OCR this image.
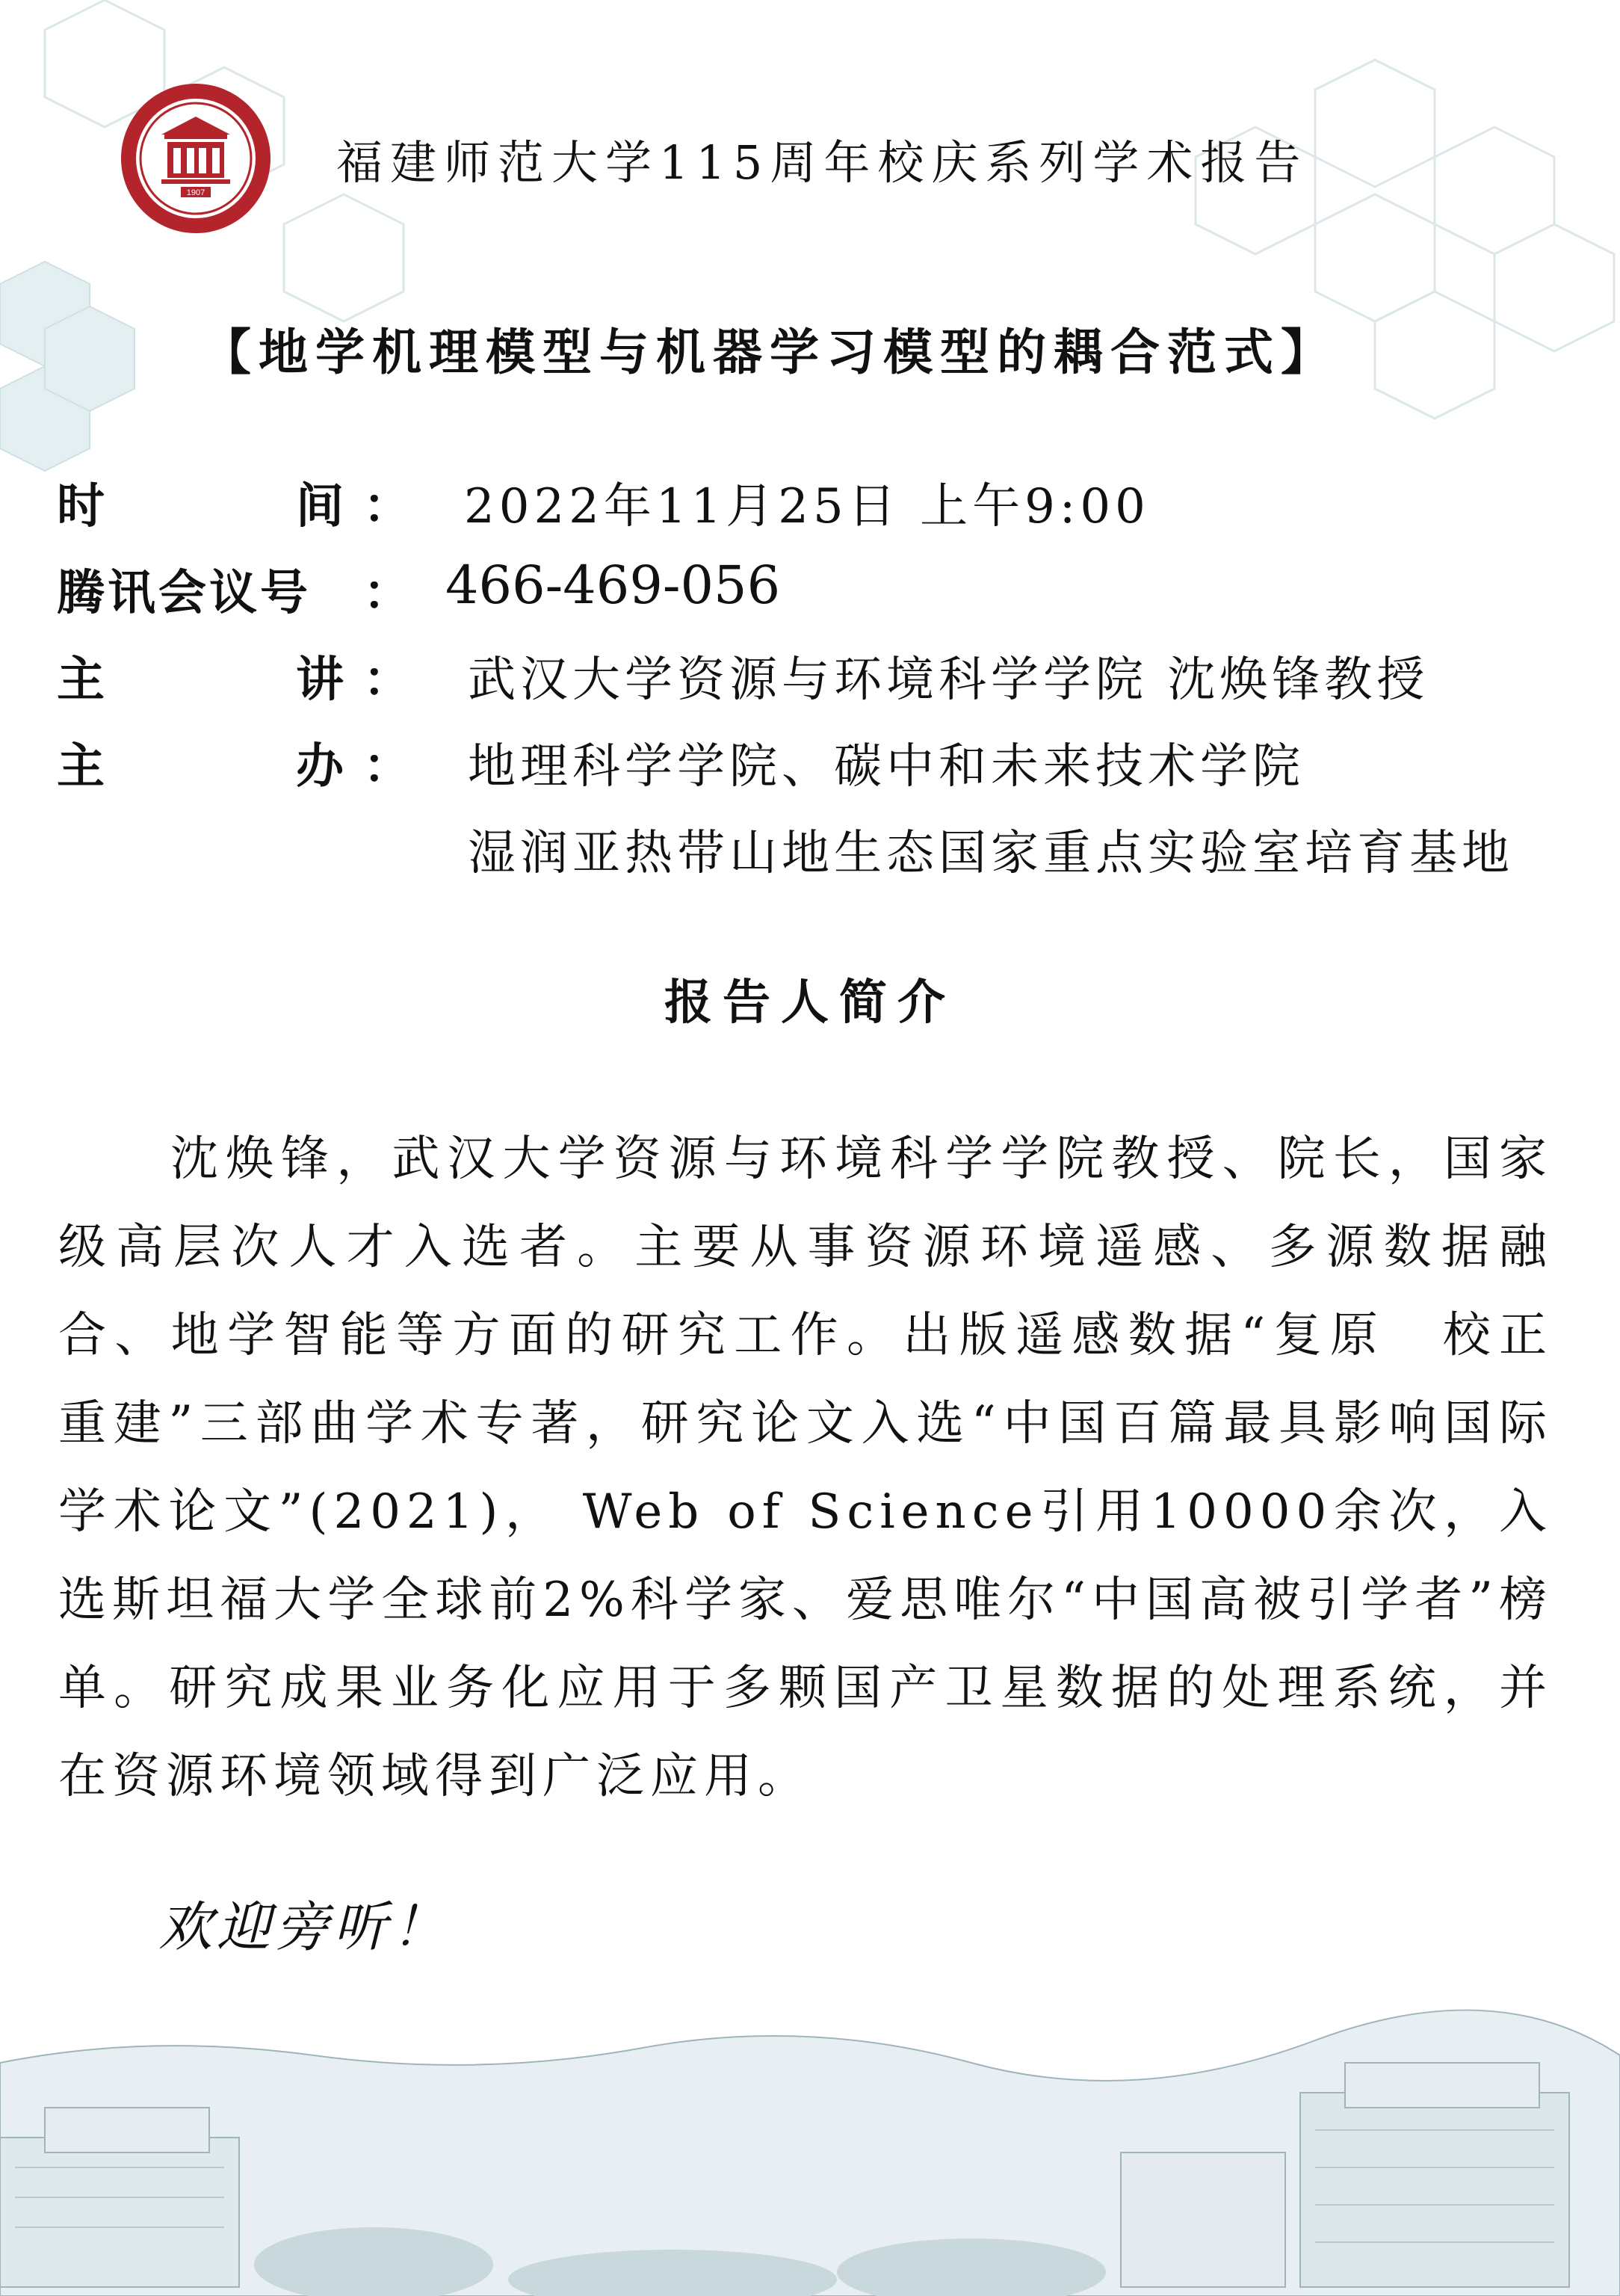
1907
福建师范大学115周年校庆系列学术报告
【地学机理模型与机器学习模型的耦合范式】
时	间 ： 2022年11月25日 上午9:00
腾讯会议号 ： 466-469-056
主	讲 ： 武汉大学资源与环境科学学院 沈焕锋教授
主	办 ： 地理科学学院、碳中和未来技术学院
湿润亚热带山地生态国家重点实验室培育基地
报告人简介
沈焕锋，武汉大学资源与环境科学学院教授、院长，国家级高层次人才入选者。主要从事资源环境遥感、多源数据融合、地学智能等方面的研究工作。出版遥感数据“复原　校正　重建”三部曲学术专著，研究论文入选“中国百篇最具影响国际学术论文”(2021)， Web of Science引用10000余次，入选斯坦福大学全球前2%科学家、爱思唯尔“中国高被引学者”榜单。研究成果业务化应用于多颗国产卫星数据的处理系统，并在资源环境领域得到广泛应用。
欢迎旁听！
